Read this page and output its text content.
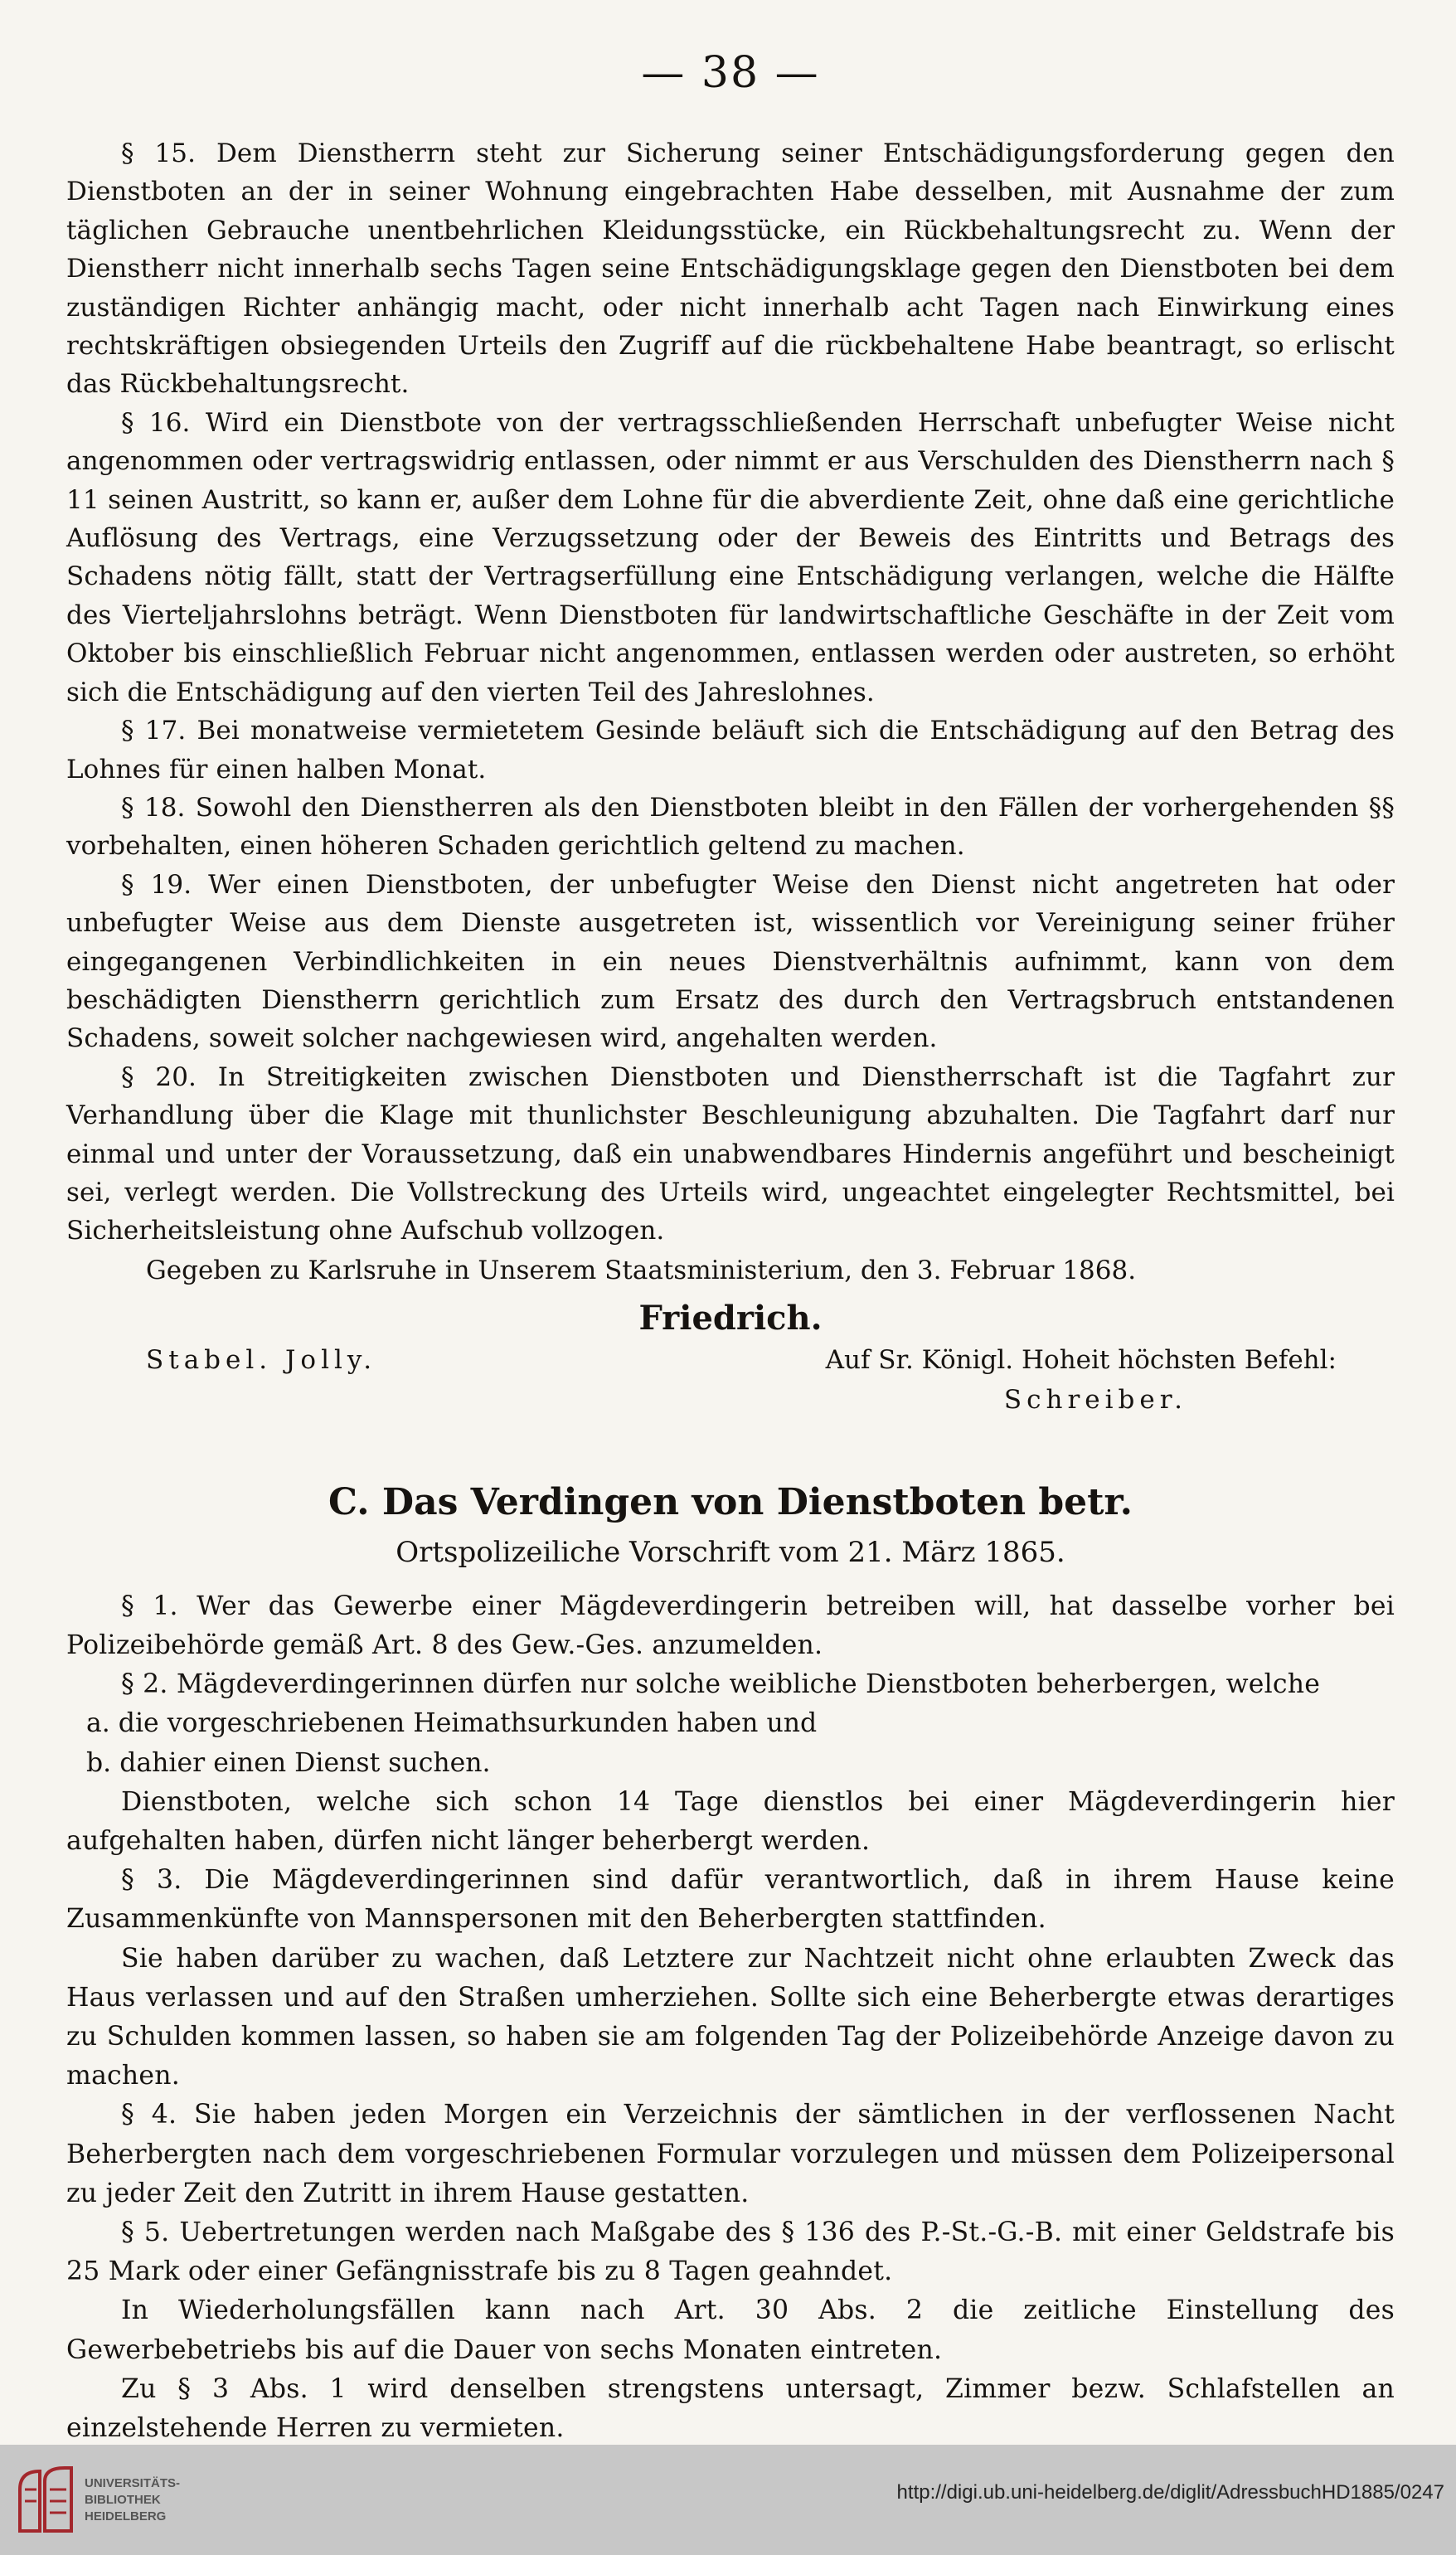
— 38 —

§ 15. Dem Dienstherrn steht zur Sicherung seiner Entschädigungsforderung gegen den Dienstboten an der in seiner Wohnung eingebrachten Habe desselben, mit Ausnahme der zum täglichen Gebrauche unentbehrlichen Kleidungsstücke, ein Rückbehaltungsrecht zu. Wenn der Dienstherr nicht innerhalb sechs Tagen seine Entschädigungsklage gegen den Dienstboten bei dem zuständigen Richter anhängig macht, oder nicht innerhalb acht Tagen nach Einwirkung eines rechtskräftigen obsiegenden Urteils den Zugriff auf die rückbehaltene Habe beantragt, so erlischt das Rückbehaltungsrecht.

§ 16. Wird ein Dienstbote von der vertragsschließenden Herrschaft unbefugter Weise nicht angenommen oder vertragswidrig entlassen, oder nimmt er aus Verschulden des Dienstherrn nach § 11 seinen Austritt, so kann er, außer dem Lohne für die abverdiente Zeit, ohne daß eine gerichtliche Auflösung des Vertrags, eine Verzugssetzung oder der Beweis des Eintritts und Betrags des Schadens nötig fällt, statt der Vertragserfüllung eine Entschädigung verlangen, welche die Hälfte des Vierteljahrslohns beträgt. Wenn Dienstboten für landwirtschaftliche Geschäfte in der Zeit vom Oktober bis einschließlich Februar nicht angenommen, entlassen werden oder austreten, so erhöht sich die Entschädigung auf den vierten Teil des Jahreslohnes.

§ 17. Bei monatweise vermietetem Gesinde beläuft sich die Entschädigung auf den Betrag des Lohnes für einen halben Monat.

§ 18. Sowohl den Dienstherren als den Dienstboten bleibt in den Fällen der vorhergehenden §§ vorbehalten, einen höheren Schaden gerichtlich geltend zu machen.

§ 19. Wer einen Dienstboten, der unbefugter Weise den Dienst nicht angetreten hat oder unbefugter Weise aus dem Dienste ausgetreten ist, wissentlich vor Vereinigung seiner früher eingegangenen Verbindlichkeiten in ein neues Dienstverhältnis aufnimmt, kann von dem beschädigten Dienstherrn gerichtlich zum Ersatz des durch den Vertragsbruch entstandenen Schadens, soweit solcher nachgewiesen wird, angehalten werden.

§ 20. In Streitigkeiten zwischen Dienstboten und Dienstherrschaft ist die Tagfahrt zur Verhandlung über die Klage mit thunlichster Beschleunigung abzuhalten. Die Tagfahrt darf nur einmal und unter der Voraussetzung, daß ein unabwendbares Hindernis angeführt und bescheinigt sei, verlegt werden. Die Vollstreckung des Urteils wird, ungeachtet eingelegter Rechtsmittel, bei Sicherheitsleistung ohne Aufschub vollzogen.

Gegeben zu Karlsruhe in Unserem Staatsministerium, den 3. Februar 1868.

Friedrich.
Stabel. Jolly.	Auf Sr. Königl. Hoheit höchsten Befehl:
Schreiber.
C. Das Verdingen von Dienstboten betr.
Ortspolizeiliche Vorschrift vom 21. März 1865.

§ 1. Wer das Gewerbe einer Mägdeverdingerin betreiben will, hat dasselbe vorher bei Polizeibehörde gemäß Art. 8 des Gew.-Ges. anzumelden.

§ 2. Mägdeverdingerinnen dürfen nur solche weibliche Dienstboten beherbergen, welche

a. die vorgeschriebenen Heimathsurkunden haben und
b. dahier einen Dienst suchen.

Dienstboten, welche sich schon 14 Tage dienstlos bei einer Mägdeverdingerin hier aufgehalten haben, dürfen nicht länger beherbergt werden.

§ 3. Die Mägdeverdingerinnen sind dafür verantwortlich, daß in ihrem Hause keine Zusammenkünfte von Mannspersonen mit den Beherbergten stattfinden.

Sie haben darüber zu wachen, daß Letztere zur Nachtzeit nicht ohne erlaubten Zweck das Haus verlassen und auf den Straßen umherziehen. Sollte sich eine Beherbergte etwas derartiges zu Schulden kommen lassen, so haben sie am folgenden Tag der Polizeibehörde Anzeige davon zu machen.

§ 4. Sie haben jeden Morgen ein Verzeichnis der sämtlichen in der verflossenen Nacht Beherbergten nach dem vorgeschriebenen Formular vorzulegen und müssen dem Polizeipersonal zu jeder Zeit den Zutritt in ihrem Hause gestatten.

§ 5. Uebertretungen werden nach Maßgabe des § 136 des P.-St.-G.-B. mit einer Geldstrafe bis 25 Mark oder einer Gefängnisstrafe bis zu 8 Tagen geahndet.

In Wiederholungsfällen kann nach Art. 30 Abs. 2 die zeitliche Einstellung des Gewerbebetriebs bis auf die Dauer von sechs Monaten eintreten.

Zu § 3 Abs. 1 wird denselben strengstens untersagt, Zimmer bezw. Schlafstellen an einzelstehende Herren zu vermieten.

UNIVERSITÄTS-
BIBLIOTHEK
HEIDELBERG
http://digi.ub.uni-heidelberg.de/diglit/AdressbuchHD1885/0247
